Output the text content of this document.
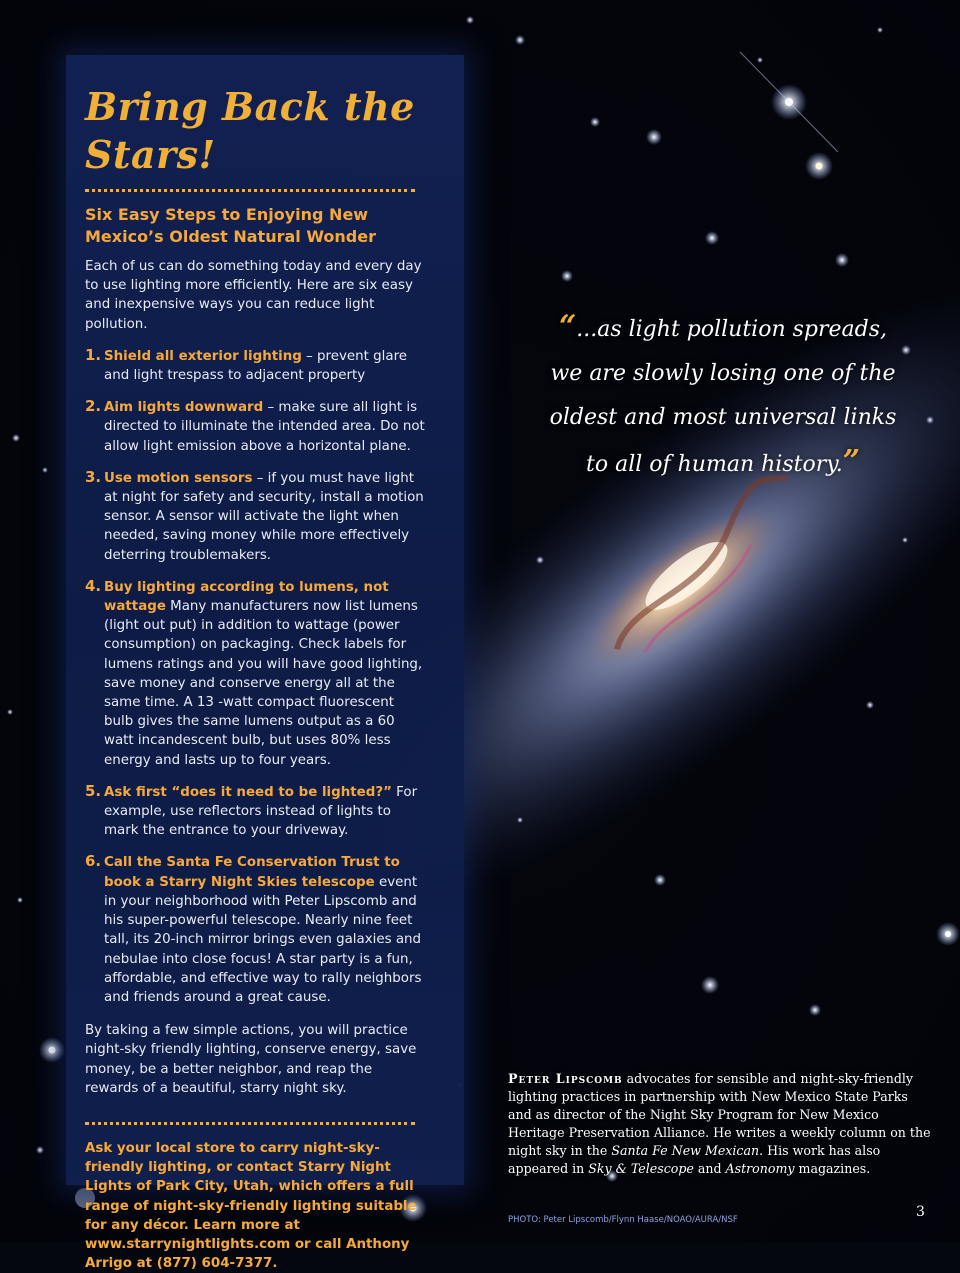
Bring Back the Stars!
Six Easy Steps to Enjoying New Mexico’s Oldest Natural Wonder

Each of us can do something today and every day to use lighting more efficiently. Here are six easy and inexpensive ways you can reduce light pollution.

1. Shield all exterior lighting – prevent glare and light trespass to adjacent property
2. Aim lights downward – make sure all light is directed to illuminate the intended area. Do not allow light emission above a horizontal plane.
3. Use motion sensors – if you must have light at night for safety and security, install a motion sensor. A sensor will activate the light when needed, saving money while more effectively deterring troublemakers.
4. Buy lighting according to lumens, not wattage Many manufacturers now list lumens (light out put) in addition to wattage (power consumption) on packaging. Check labels for lumens ratings and you will have good lighting, save money and conserve energy all at the same time. A 13 -watt compact fluorescent bulb gives the same lumens output as a 60 watt incandescent bulb, but uses 80% less energy and lasts up to four years.
5. Ask first “does it need to be lighted?” For example, use reflectors instead of lights to mark the entrance to your driveway.
6. Call the Santa Fe Conservation Trust to book a Starry Night Skies telescope event in your neighborhood with Peter Lipscomb and his super-powerful telescope. Nearly nine feet tall, its 20-inch mirror brings even galaxies and nebulae into close focus! A star party is a fun, affordable, and effective way to rally neighbors and friends around a great cause.

By taking a few simple actions, you will practice night-sky friendly lighting, conserve energy, save money, be a better neighbor, and reap the rewards of a beautiful, starry night sky.

Ask your local store to carry night-sky-friendly lighting, or contact Starry Night Lights of Park City, Utah, which offers a full range of night-sky-friendly lighting suitable for any décor. Learn more at www.starrynightlights.com or call Anthony Arrigo at (877) 604-7377.

“...as light pollution spreads,
we are slowly losing one of the
oldest and most universal links
to all of human history.”
Peter Lipscomb advocates for sensible and night-sky-friendly lighting practices in partnership with New Mexico State Parks and as director of the Night Sky Program for New Mexico Heritage Preservation Alliance. He writes a weekly column on the night sky in the Santa Fe New Mexican. His work has also appeared in Sky & Telescope and Astronomy magazines.
PHOTO: Peter Lipscomb/Flynn Haase/NOAO/AURA/NSF	3
